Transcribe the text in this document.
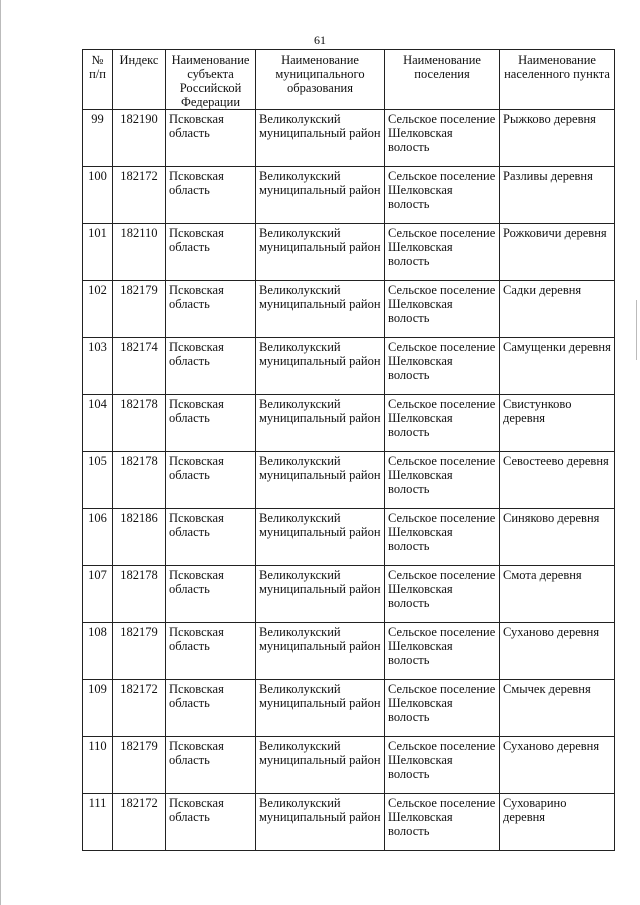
61
№ п/п	Индекс	Наименование субъекта Российской Федерации	Наименование муниципального образования	Наименование поселения	Наименование населенного пункта
99	182190	Псковская область	Великолукский муниципальный район	Сельское поселение Шелковская волость	Рыжково деревня
100	182172	Псковская область	Великолукский муниципальный район	Сельское поселение Шелковская волость	Разливы деревня
101	182110	Псковская область	Великолукский муниципальный район	Сельское поселение Шелковская волость	Рожковичи деревня
102	182179	Псковская область	Великолукский муниципальный район	Сельское поселение Шелковская волость	Садки деревня
103	182174	Псковская область	Великолукский муниципальный район	Сельское поселение Шелковская волость	Самущенки деревня
104	182178	Псковская область	Великолукский муниципальный район	Сельское поселение Шелковская волость	Свистунково деревня
105	182178	Псковская область	Великолукский муниципальный район	Сельское поселение Шелковская волость	Севостеево деревня
106	182186	Псковская область	Великолукский муниципальный район	Сельское поселение Шелковская волость	Синяково деревня
107	182178	Псковская область	Великолукский муниципальный район	Сельское поселение Шелковская волость	Смота деревня
108	182179	Псковская область	Великолукский муниципальный район	Сельское поселение Шелковская волость	Суханово деревня
109	182172	Псковская область	Великолукский муниципальный район	Сельское поселение Шелковская волость	Смычек деревня
110	182179	Псковская область	Великолукский муниципальный район	Сельское поселение Шелковская волость	Суханово деревня
111	182172	Псковская область	Великолукский муниципальный район	Сельское поселение Шелковская волость	Суховарино деревня
